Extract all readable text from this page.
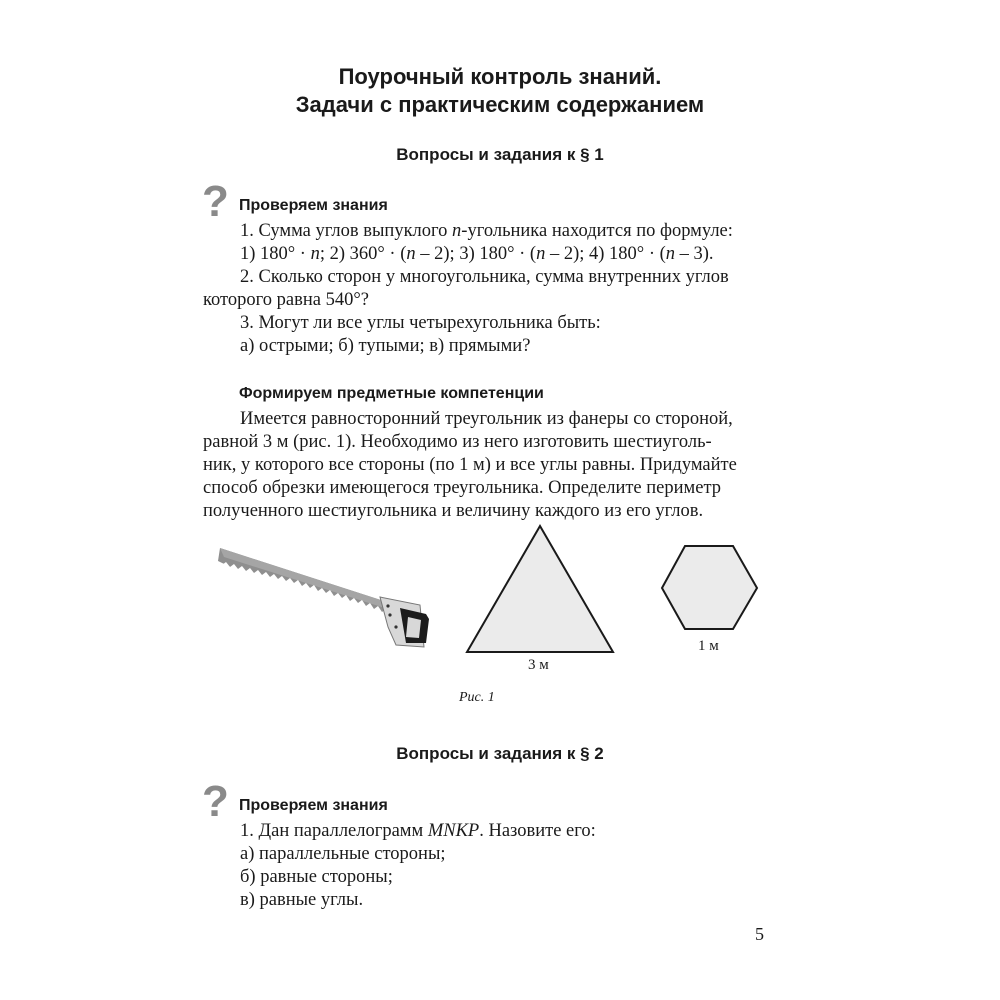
Поурочный контроль знаний.
Задачи с практическим содержанием
Вопросы и задания к § 1
? Проверяем знания
1. Сумма углов выпуклого n-угольника находится по формуле:
1) 180° · n; 2) 360° · (n – 2); 3) 180° · (n – 2); 4) 180° · (n – 3).
2. Сколько сторон у многоугольника, сумма внутренних углов
которого равна 540°?
3. Могут ли все углы четырехугольника быть:
а) острыми; б) тупыми; в) прямыми?
Формируем предметные компетенции
Имеется равносторонний треугольник из фанеры со стороной,
равной 3 м (рис. 1). Необходимо из него изготовить шестиуголь-
ник, у которого все стороны (по 1 м) и все углы равны. Придумайте
способ обрезки имеющегося треугольника. Определите периметр
полученного шестиугольника и величину каждого из его углов.
3 м
1 м
Рис. 1
Вопросы и задания к § 2
? Проверяем знания
1. Дан параллелограмм MNKP. Назовите его:
а) параллельные стороны;
б) равные стороны;
в) равные углы.
5
